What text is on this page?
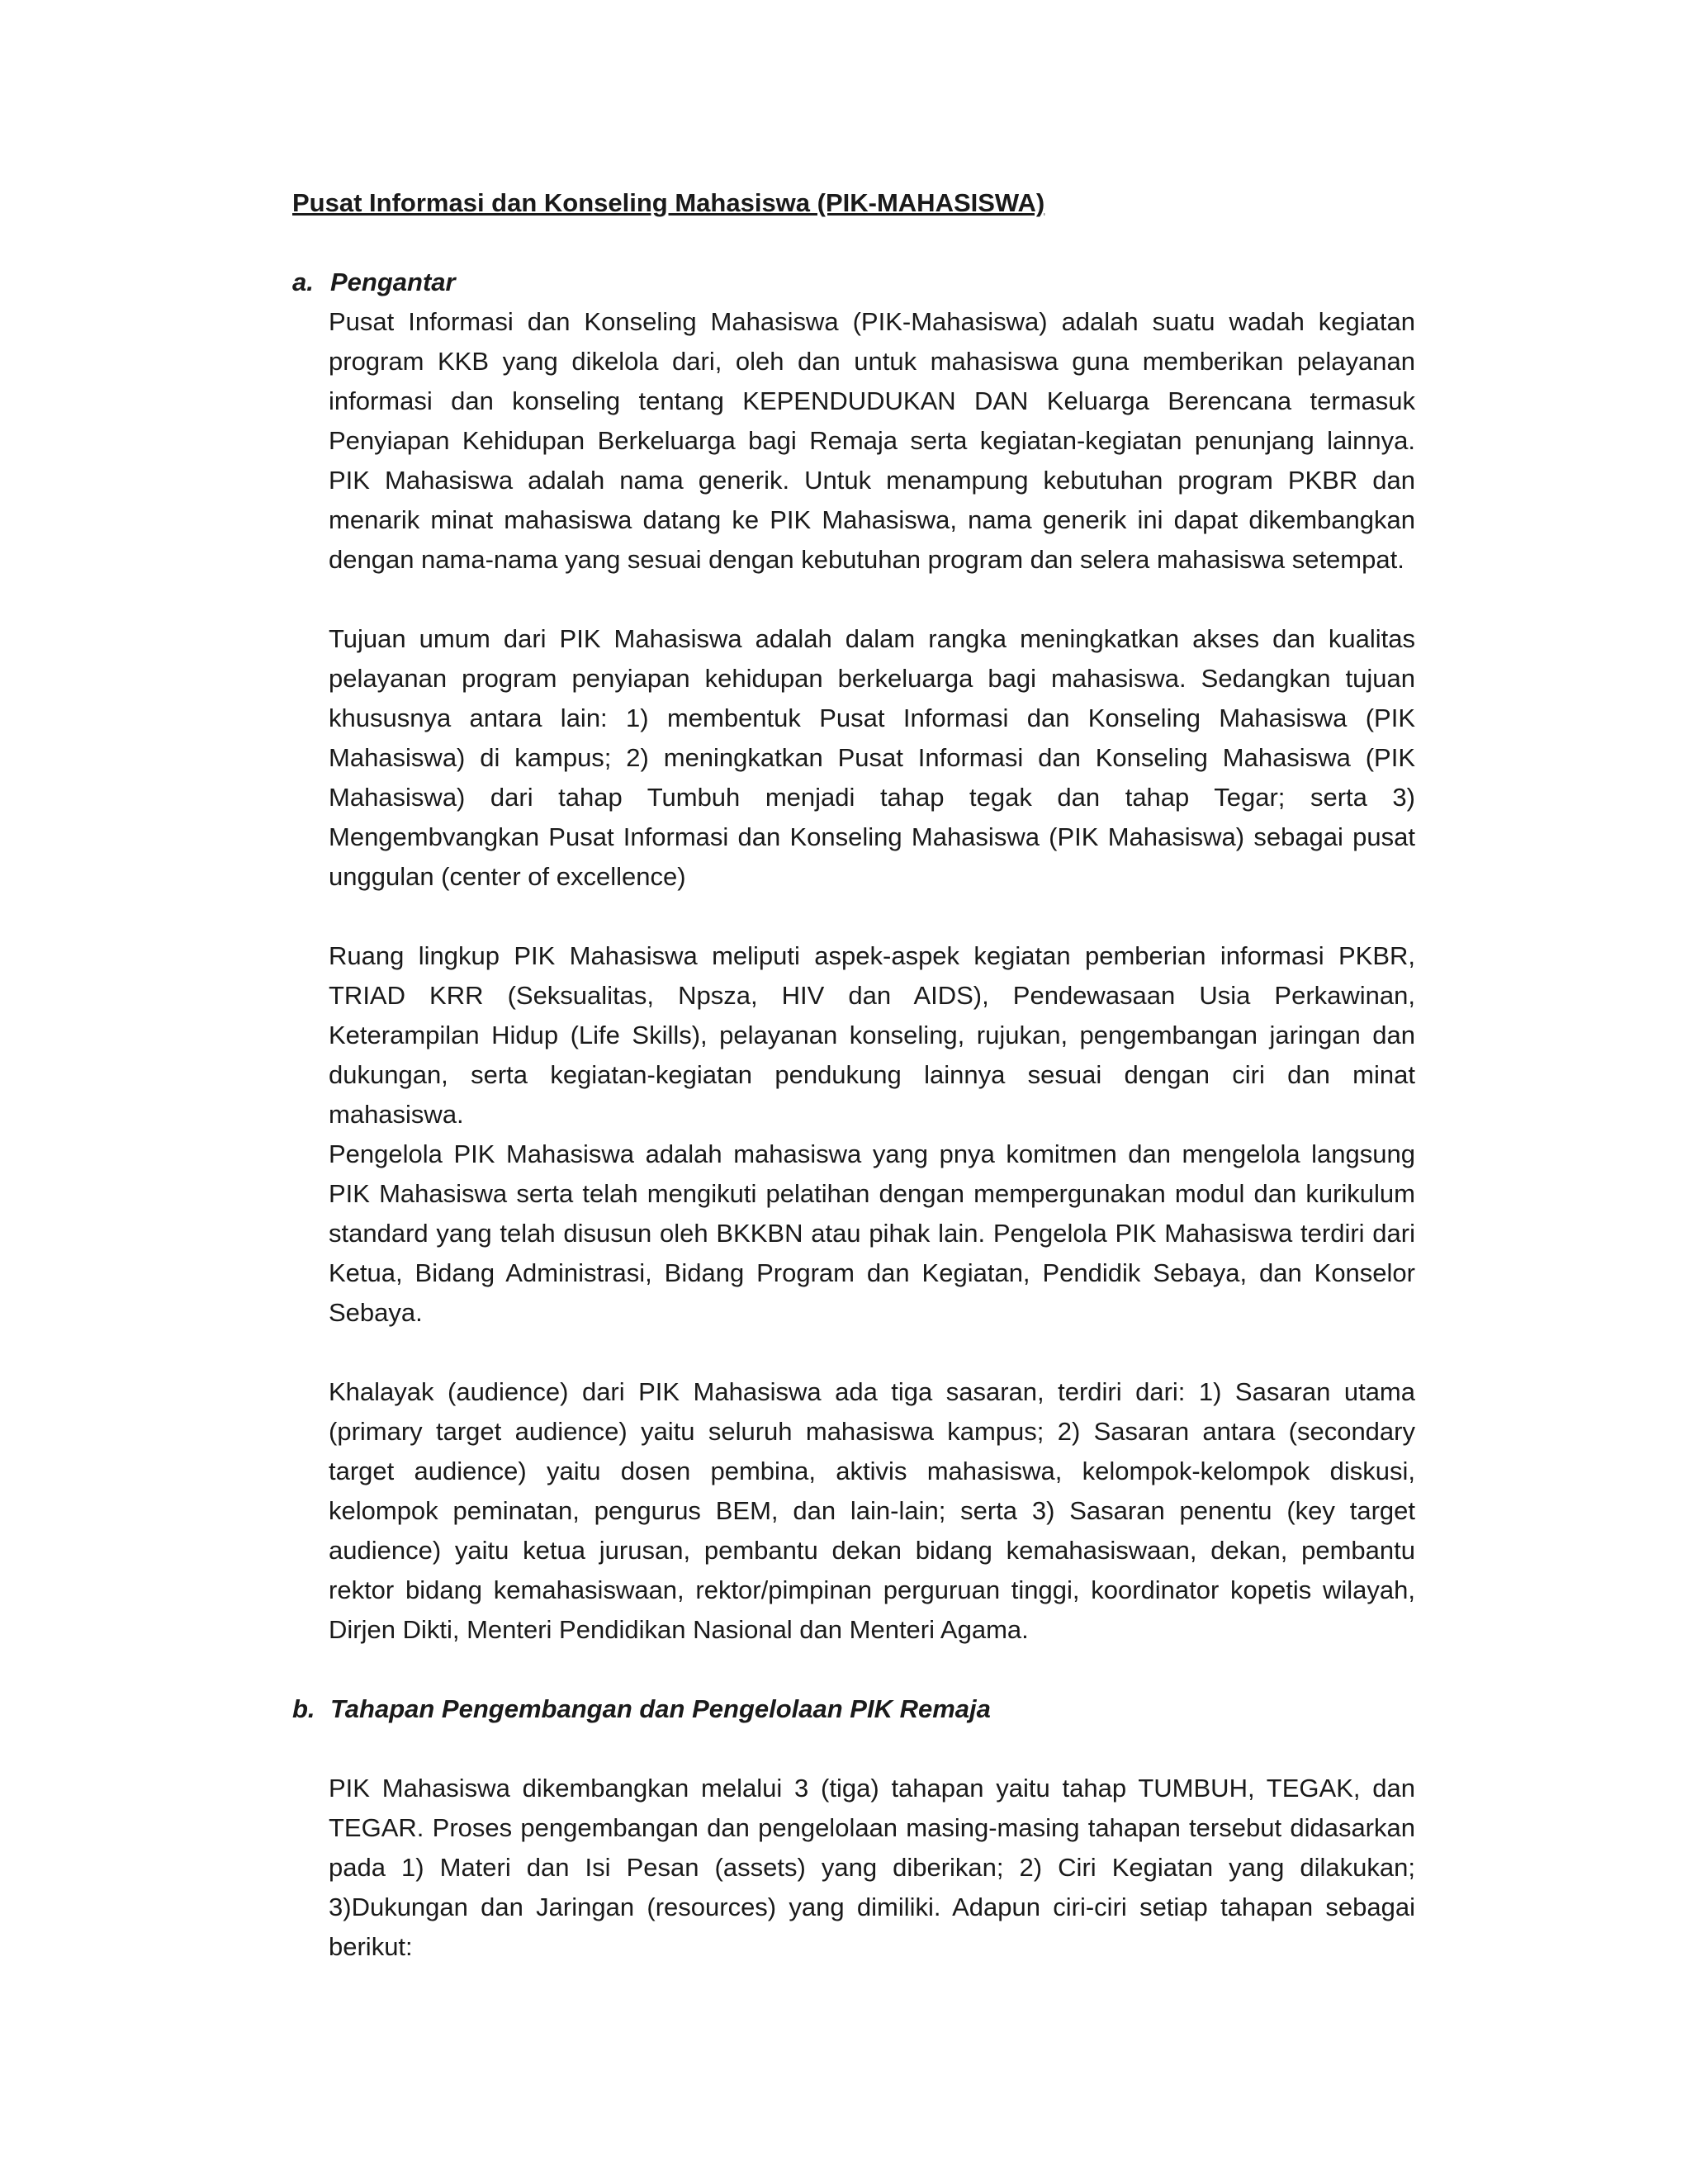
Pusat Informasi dan Konseling Mahasiswa (PIK-MAHASISWA)
a. Pengantar

Pusat Informasi dan Konseling Mahasiswa (PIK-Mahasiswa) adalah suatu wadah kegiatan program KKB yang dikelola dari, oleh dan untuk mahasiswa guna memberikan pelayanan informasi dan konseling tentang KEPENDUDUKAN DAN Keluarga Berencana termasuk Penyiapan Kehidupan Berkeluarga bagi Remaja serta kegiatan-kegiatan penunjang lainnya. PIK Mahasiswa adalah nama generik. Untuk menampung kebutuhan program PKBR dan menarik minat mahasiswa datang ke PIK Mahasiswa, nama generik ini dapat dikembangkan dengan nama-nama yang sesuai dengan kebutuhan program dan selera mahasiswa setempat.

Tujuan umum dari PIK Mahasiswa adalah dalam rangka meningkatkan akses dan kualitas pelayanan program penyiapan kehidupan berkeluarga bagi mahasiswa. Sedangkan tujuan khususnya antara lain: 1) membentuk Pusat Informasi dan Konseling Mahasiswa (PIK Mahasiswa) di kampus; 2) meningkatkan Pusat Informasi dan Konseling Mahasiswa (PIK Mahasiswa) dari tahap Tumbuh menjadi tahap tegak dan tahap Tegar; serta 3) Mengembvangkan Pusat Informasi dan Konseling Mahasiswa (PIK Mahasiswa) sebagai pusat unggulan (center of excellence)

Ruang lingkup PIK Mahasiswa meliputi aspek-aspek kegiatan pemberian informasi PKBR, TRIAD KRR (Seksualitas, Npsza, HIV dan AIDS), Pendewasaan Usia Perkawinan, Keterampilan Hidup (Life Skills), pelayanan konseling, rujukan, pengembangan jaringan dan dukungan, serta kegiatan-kegiatan pendukung lainnya sesuai dengan ciri dan minat mahasiswa.

Pengelola PIK Mahasiswa adalah mahasiswa yang pnya komitmen dan mengelola langsung PIK Mahasiswa serta telah mengikuti pelatihan dengan mempergunakan modul dan kurikulum standard yang telah disusun oleh BKKBN atau pihak lain. Pengelola PIK Mahasiswa terdiri dari Ketua, Bidang Administrasi, Bidang Program dan Kegiatan, Pendidik Sebaya, dan Konselor Sebaya.

Khalayak (audience) dari PIK Mahasiswa ada tiga sasaran, terdiri dari: 1) Sasaran utama (primary target audience) yaitu seluruh mahasiswa kampus; 2) Sasaran antara (secondary target audience) yaitu dosen pembina, aktivis mahasiswa, kelompok-kelompok diskusi, kelompok peminatan, pengurus BEM, dan lain-lain; serta 3) Sasaran penentu (key target audience) yaitu ketua jurusan, pembantu dekan bidang kemahasiswaan, dekan, pembantu rektor bidang kemahasiswaan, rektor/pimpinan perguruan tinggi, koordinator kopetis wilayah, Dirjen Dikti, Menteri Pendidikan Nasional dan Menteri Agama.

b. Tahapan Pengembangan dan Pengelolaan PIK Remaja

PIK Mahasiswa dikembangkan melalui 3 (tiga) tahapan yaitu tahap TUMBUH, TEGAK, dan TEGAR. Proses pengembangan dan pengelolaan masing-masing tahapan tersebut didasarkan pada 1) Materi dan Isi Pesan (assets) yang diberikan; 2) Ciri Kegiatan yang dilakukan; 3)Dukungan dan Jaringan (resources) yang dimiliki. Adapun ciri-ciri setiap tahapan sebagai berikut:
